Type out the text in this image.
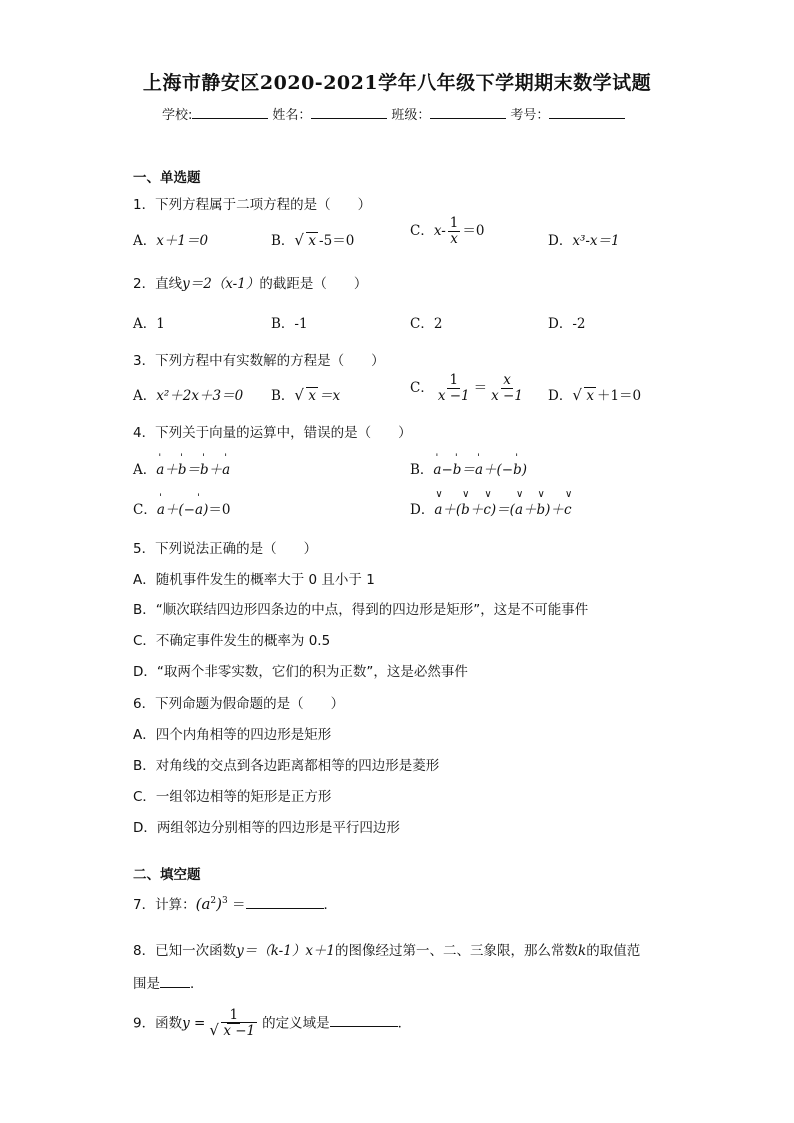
上海市静安区2020-2021学年八年级下学期期末数学试题
学校:	姓名：	班级：	考号：
一、单选题
1．下列方程属于二项方程的是（　　）
A．x＋1＝0	B． √ x -5＝0
C．$x- \frac{1}{x} =0$
D．x³-x＝1
2．直线y＝2（x-1）的截距是（　　）
A．1	B．-1	C．2	D．-2
3．下列方程中有实数解的方程是（　　）
A．x²＋2x＋3＝0 B． √ x ＝x
C． $\frac{1}{x -1} = \frac{x}{x -1}$ D． √ x ＋1＝0
4．下列关于向量的运算中，错误的是（　　）
A．ˈ a＋ˈ b＝ˈ b＋ˈ a	B．ˈ a−ˈ b＝ˈ a＋(−ˈ b)
C．ˈ a＋(−ˈ a)＝0	D．∨ a＋(∨ b＋∨ c)＝(∨ a＋∨ b)＋∨ c
5．下列说法正确的是（　　）
A．随机事件发生的概率大于 0 且小于 1
B．“顺次联结四边形四条边的中点，得到的四边形是矩形”，这是不可能事件
C．不确定事件发生的概率为 0.5
D．“取两个非零实数，它们的积为正数”，这是必然事件
6．下列命题为假命题的是（　　）
A．四个内角相等的四边形是矩形
B．对角线的交点到各边距离都相等的四边形是菱形
C．一组邻边相等的矩形是正方形
D．两组邻边分别相等的四边形是平行四边形
二、填空题
7．计算：$(a^2)^3$ ＝	．
8．已知一次函数y＝（k-1）x＋1的图像经过第一、二、三象限，那么常数k的取值范
围是 ．
9．函数y = 1
√ x −1 的定义域是	．
